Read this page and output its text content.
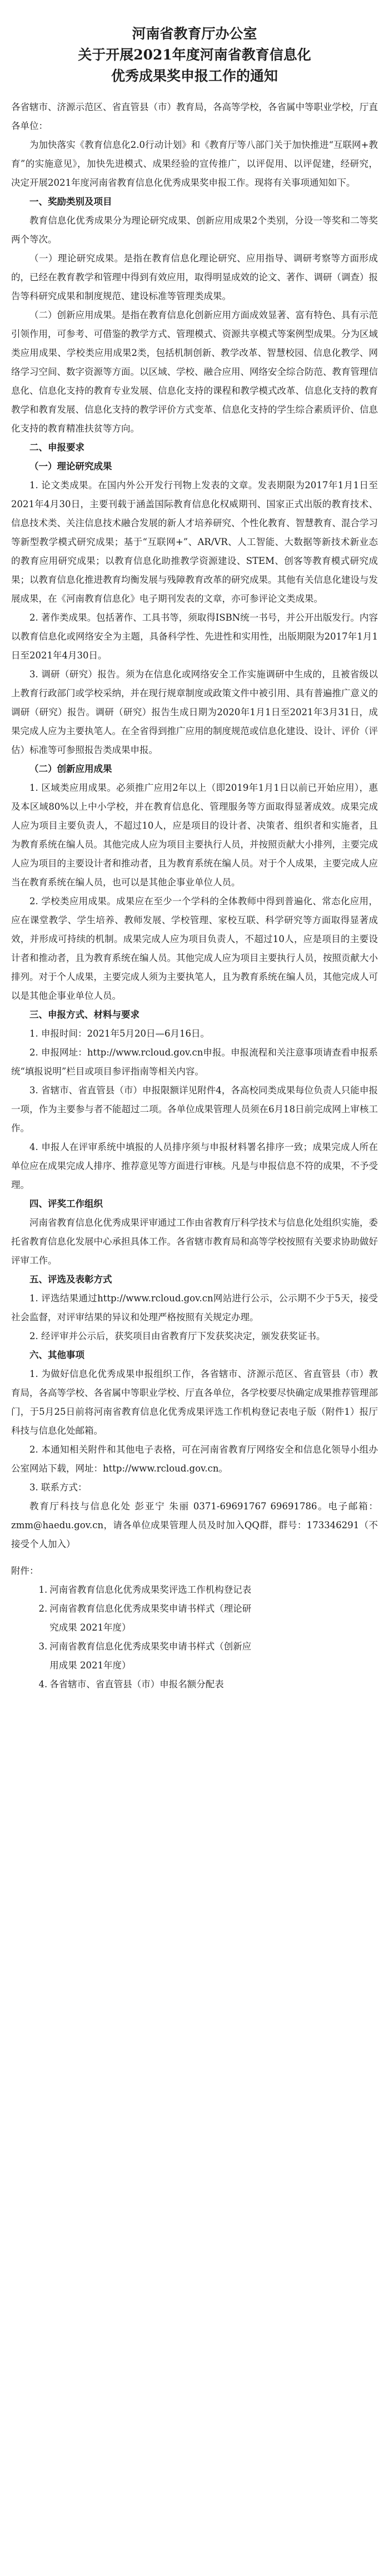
河南省教育厅办公室
关于开展2021年度河南省教育信息化
优秀成果奖申报工作的通知

各省辖市、济源示范区、省直管县（市）教育局，各高等学校，各省属中等职业学校，厅直各单位：

为加快落实《教育信息化2.0行动计划》和《教育厅等八部门关于加快推进“互联网+教育”的实施意见》，加快先进模式、成果经验的宣传推广，以评促用、以评促建，经研究，决定开展2021年度河南省教育信息化优秀成果奖申报工作。现将有关事项通知如下。

一、奖励类别及项目

教育信息化优秀成果分为理论研究成果、创新应用成果2个类别，分设一等奖和二等奖两个等次。

（一）理论研究成果。是指在教育信息化理论研究、应用指导、调研考察等方面形成的，已经在教育教学和管理中得到有效应用，取得明显成效的论文、著作、调研（调查）报告等科研究成果和制度规范、建设标准等管理类成果。

（二）创新应用成果。是指在教育信息化创新应用方面成效显著、富有特色、具有示范引领作用，可参考、可借鉴的教学方式、管理模式、资源共享模式等案例型成果。分为区域类应用成果、学校类应用成果2类，包括机制创新、教学改革、智慧校园、信息化教学、网络学习空间、数字资源等方面。以区域、学校、融合应用、网络安全综合防范、教育管理信息化、信息化支持的教育专业发展、信息化支持的课程和教学模式改革、信息化支持的教育教学和教育发展、信息化支持的教学评价方式变革、信息化支持的学生综合素质评价、信息化支持的教育精准扶贫等方向。

二、申报要求

（一）理论研究成果

1. 论文类成果。在国内外公开发行刊物上发表的文章。发表期限为2017年1月1日至2021年4月30日，主要刊载于涵盖国际教育信息化权威期刊、国家正式出版的教育技术、信息技术类、关注信息技术融合发展的新人才培养研究、个性化教育、智慧教育、混合学习等新型教学模式研究成果；基于“互联网+”、AR/VR、人工智能、大数据等新技术新业态的教育应用研究成果；以教育信息化助推教学资源建设、STEM、创客等教育模式研究成果；以教育信息化推进教育均衡发展与残障教育改革的研究成果。其他有关信息化建设与发展成果，在《河南教育信息化》电子期刊发表的文章，亦可参评论文类成果。

2. 著作类成果。包括著作、工具书等，须取得ISBN统一书号，并公开出版发行。内容以教育信息化或网络安全为主题，具备科学性、先进性和实用性，出版期限为2017年1月1日至2021年4月30日。

3. 调研（研究）报告。须为在信息化或网络安全工作实施调研中生成的，且被省级以上教育行政部门或学校采纳，并在现行规章制度或政策文件中被引用、具有普遍推广意义的调研（研究）报告。调研（研究）报告生成日期为2020年1月1日至2021年3月31日，成果完成人应为主要执笔人。在全省得到推广应用的制度规范或信息化建设、设计、评价（评估）标准等可参照报告类成果申报。

（二）创新应用成果

1. 区域类应用成果。必须推广应用2年以上（即2019年1月1日以前已开始应用），惠及本区域80%以上中小学校，并在教育信息化、管理服务等方面取得显著成效。成果完成人应为项目主要负责人，不超过10人，应是项目的设计者、决策者、组织者和实施者，且为教育系统在编人员。其他完成人应为项目主要执行人员，并按照贡献大小排列，主要完成人应为项目的主要设计者和推动者，且为教育系统在编人员。对于个人成果，主要完成人应当在教育系统在编人员，也可以是其他企事业单位人员。

2. 学校类应用成果。成果应在至少一个学科的全体教师中得到普遍化、常态化应用，应在课堂教学、学生培养、教师发展、学校管理、家校互联、科学研究等方面取得显著成效，并形成可持续的机制。成果完成人应为项目负责人，不超过10人，应是项目的主要设计者和推动者，且为教育系统在编人员。其他完成人应为项目主要执行人员，按照贡献大小排列。对于个人成果，主要完成人须为主要执笔人，且为教育系统在编人员，其他完成人可以是其他企事业单位人员。

三、申报方式、材料与要求

1. 申报时间：2021年5月20日—6月16日。

2. 申报网址：http://www.rcloud.gov.cn申报。申报流程和关注意事项请查看申报系统“填报说明”栏目或项目参评指南等相关内容。

3. 省辖市、省直管县（市）申报限额详见附件4，各高校同类成果每位负责人只能申报一项，作为主要参与者不能超过二项。各单位成果管理人员须在6月18日前完成网上审核工作。

4. 申报人在评审系统中填报的人员排序须与申报材料署名排序一致；成果完成人所在单位应在成果完成人排序、推荐意见等方面进行审核。凡是与申报信息不符的成果，不予受理。

四、评奖工作组织

河南省教育信息化优秀成果评审通过工作由省教育厅科学技术与信息化处组织实施，委托省教育信息化发展中心承担具体工作。各省辖市教育局和高等学校按照有关要求协助做好评审工作。

五、评选及表彰方式

1. 评选结果通过http://www.rcloud.gov.cn网站进行公示，公示期不少于5天，接受社会监督，对评审结果的异议和处理严格按照有关规定办理。

2. 经评审并公示后，获奖项目由省教育厅下发获奖决定，颁发获奖证书。

六、其他事项

1. 为做好信息化优秀成果申报组织工作，各省辖市、济源示范区、省直管县（市）教育局，各高等学校、各省属中等职业学校、厅直各单位，各学校要尽快确定成果推荐管理部门，于5月25日前将河南省教育信息化优秀成果评选工作机构登记表电子版（附件1）报厅科技与信息化处邮箱。

2. 本通知相关附件和其他电子表格，可在河南省教育厅网络安全和信息化领导小组办公室网站下载，网址：http://www.rcloud.gov.cn。

3. 联系方式：

教育厅科技与信息化处 彭亚宁 朱丽 0371-69691767 69691786。电子邮箱：zmm@haedu.gov.cn，请各单位成果管理人员及时加入QQ群，群号：173346291（不接受个人加入）

附件：

1. 河南省教育信息化优秀成果奖评选工作机构登记表

2. 河南省教育信息化优秀成果奖申请书样式（理论研

究成果 2021年度）

3. 河南省教育信息化优秀成果奖申请书样式（创新应

用成果 2021年度）

4. 各省辖市、省直管县（市）申报名额分配表
